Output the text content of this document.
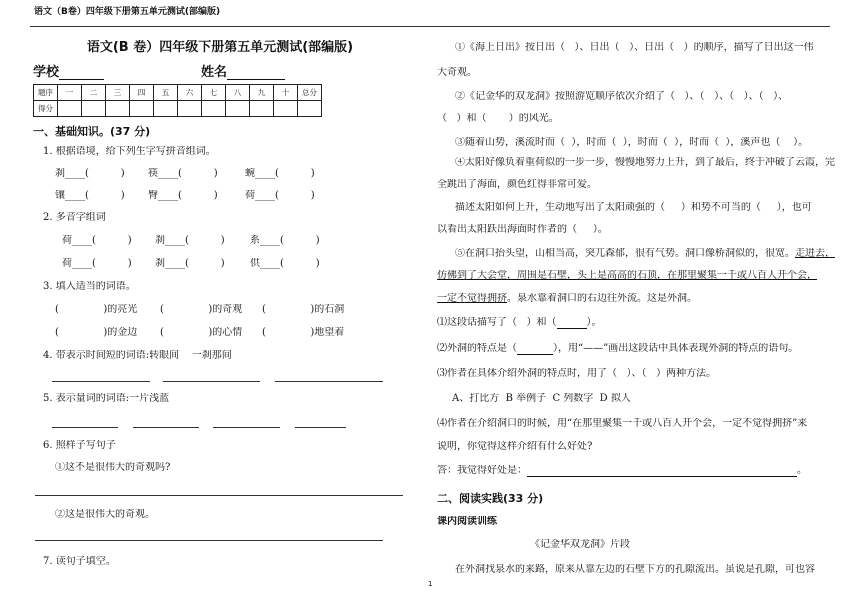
语文（B卷）四年级下册第五单元测试(部编版)
语文(B 卷）四年级下册第五单元测试(部编版)
学校	姓名
题序	一	二	三	四	五	六	七	八	九	十	总分
得分											
一、基础知识。(37 分)
1. 根据语境，给下列生字写拼音组词。
刹____(          ) 筷____(          )	蜿____(          )
镶____(          ) 臀____(          )	荷____(          )
2. 多音字组词
荷____(          ) 刹____(          )	系____(          )
荷____(          ) 刹____(          )	供____(          )
3. 填入适当的词语。
(              )的亮光 (              )的奇观 (              )的石洞
(              )的金边 (              )的心情 (              )地望着
4. 带表示时间短的词语:转眼间    一刹那间
5. 表示量词的词语:一片浅蓝
6. 照样子写句子
①这不是很伟大的奇观吗?
②这是很伟大的奇观。
7. 读句子填空。
①《海上日出》按日出（   ）、日出（   ）、日出（   ）的顺序，描写了日出这一伟
大奇观。
②《记金华的双龙洞》按照游览顺序依次介绍了（   ）、（   ）、（   ）、（   ）、
（   ）和（       ）的风光。
③随着山势，溪流时而（  ），时而（  ），时而（  ），时而（  ），溪声也（    ）。
④太阳好像负着重荷似的一步一步，慢慢地努力上升，到了最后，终于冲破了云霞，完
全跳出了海面，颜色红得非常可爱。
描述太阳如何上升，生动地写出了太阳顽强的（     ）和势不可当的（     ），也可
以看出太阳跃出海面时作者的（     ）。
⑤在洞口抬头望，山相当高，突兀森郁，很有气势。洞口像桥洞似的，很宽。走进去，
仿佛到了大会堂，周围是石壁，头上是高高的石顶，在那里聚集一千或八百人开个会，
一定不觉得拥挤。泉水靠着洞口的右边往外流。这是外洞。
⑴这段话描写了（   ）和（	）。
⑵外洞的特点是（	），用“——”画出这段话中具体表现外洞的特点的语句。
⑶作者在具体介绍外洞的特点时，用了（   ）、（   ）两种方法。
A、打比方  B 举例子  C 列数字  D 拟人
⑷作者在介绍洞口的时候，用“在那里聚集一千或八百人开个会，一定不觉得拥挤”来
说明，你觉得这样介绍有什么好处?
答：我觉得好处是：	。
二、阅读实践(33 分)
课内阅读训练
《记金华双龙洞》片段
在外洞找泉水的来路，原来从靠左边的石壁下方的孔隙流出。虽说是孔隙，可也容
1
